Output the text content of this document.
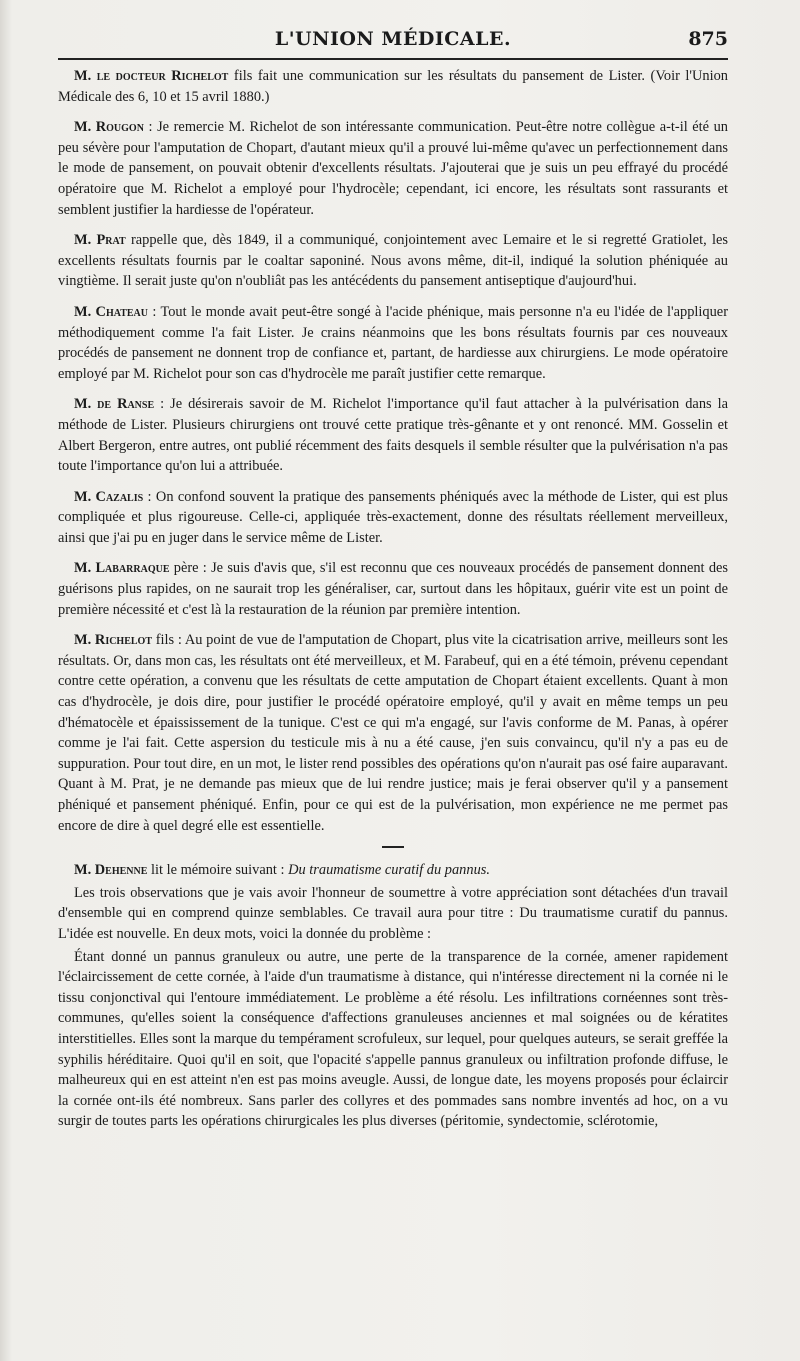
L'UNION MÉDICALE.	875

M. le docteur Richelot fils fait une communication sur les résultats du pansement de Lister. (Voir l'Union Médicale des 6, 10 et 15 avril 1880.)

M. Rougon : Je remercie M. Richelot de son intéressante communication. Peut-être notre collègue a-t-il été un peu sévère pour l'amputation de Chopart, d'autant mieux qu'il a prouvé lui-même qu'avec un perfectionnement dans le mode de pansement, on pouvait obtenir d'excellents résultats. J'ajouterai que je suis un peu effrayé du procédé opératoire que M. Richelot a employé pour l'hydrocèle; cependant, ici encore, les résultats sont rassurants et semblent justifier la hardiesse de l'opérateur.

M. Prat rappelle que, dès 1849, il a communiqué, conjointement avec Lemaire et le si regretté Gratiolet, les excellents résultats fournis par le coaltar saponiné. Nous avons même, dit-il, indiqué la solution phéniquée au vingtième. Il serait juste qu'on n'oubliât pas les antécédents du pansement antiseptique d'aujourd'hui.

M. Chateau : Tout le monde avait peut-être songé à l'acide phénique, mais personne n'a eu l'idée de l'appliquer méthodiquement comme l'a fait Lister. Je crains néanmoins que les bons résultats fournis par ces nouveaux procédés de pansement ne donnent trop de confiance et, partant, de hardiesse aux chirurgiens. Le mode opératoire employé par M. Richelot pour son cas d'hydrocèle me paraît justifier cette remarque.

M. de Ranse : Je désirerais savoir de M. Richelot l'importance qu'il faut attacher à la pulvérisation dans la méthode de Lister. Plusieurs chirurgiens ont trouvé cette pratique très-gênante et y ont renoncé. MM. Gosselin et Albert Bergeron, entre autres, ont publié récemment des faits desquels il semble résulter que la pulvérisation n'a pas toute l'importance qu'on lui a attribuée.

M. Cazalis : On confond souvent la pratique des pansements phéniqués avec la méthode de Lister, qui est plus compliquée et plus rigoureuse. Celle-ci, appliquée très-exactement, donne des résultats réellement merveilleux, ainsi que j'ai pu en juger dans le service même de Lister.

M. Labarraque père : Je suis d'avis que, s'il est reconnu que ces nouveaux procédés de pansement donnent des guérisons plus rapides, on ne saurait trop les généraliser, car, surtout dans les hôpitaux, guérir vite est un point de première nécessité et c'est là la restauration de la réunion par première intention.

M. Richelot fils : Au point de vue de l'amputation de Chopart, plus vite la cicatrisation arrive, meilleurs sont les résultats. Or, dans mon cas, les résultats ont été merveilleux, et M. Farabeuf, qui en a été témoin, prévenu cependant contre cette opération, a convenu que les résultats de cette amputation de Chopart étaient excellents. Quant à mon cas d'hydrocèle, je dois dire, pour justifier le procédé opératoire employé, qu'il y avait en même temps un peu d'hématocèle et épaississement de la tunique. C'est ce qui m'a engagé, sur l'avis conforme de M. Panas, à opérer comme je l'ai fait. Cette aspersion du testicule mis à nu a été cause, j'en suis convaincu, qu'il n'y a pas eu de suppuration. Pour tout dire, en un mot, le lister rend possibles des opérations qu'on n'aurait pas osé faire auparavant. Quant à M. Prat, je ne demande pas mieux que de lui rendre justice; mais je ferai observer qu'il y a pansement phéniqué et pansement phéniqué. Enfin, pour ce qui est de la pulvérisation, mon expérience ne me permet pas encore de dire à quel degré elle est essentielle.

M. Dehenne lit le mémoire suivant : Du traumatisme curatif du pannus.

Les trois observations que je vais avoir l'honneur de soumettre à votre appréciation sont détachées d'un travail d'ensemble qui en comprend quinze semblables. Ce travail aura pour titre : Du traumatisme curatif du pannus. L'idée est nouvelle. En deux mots, voici la donnée du problème :

Étant donné un pannus granuleux ou autre, une perte de la transparence de la cornée, amener rapidement l'éclaircissement de cette cornée, à l'aide d'un traumatisme à distance, qui n'intéresse directement ni la cornée ni le tissu conjonctival qui l'entoure immédiatement. Le problème a été résolu. Les infiltrations cornéennes sont très-communes, qu'elles soient la conséquence d'affections granuleuses anciennes et mal soignées ou de kératites interstitielles. Elles sont la marque du tempérament scrofuleux, sur lequel, pour quelques auteurs, se serait greffée la syphilis héréditaire. Quoi qu'il en soit, que l'opacité s'appelle pannus granuleux ou infiltration profonde diffuse, le malheureux qui en est atteint n'en est pas moins aveugle. Aussi, de longue date, les moyens proposés pour éclaircir la cornée ont-ils été nombreux. Sans parler des collyres et des pommades sans nombre inventés ad hoc, on a vu surgir de toutes parts les opérations chirurgicales les plus diverses (péritomie, syndectomie, sclérotomie,
